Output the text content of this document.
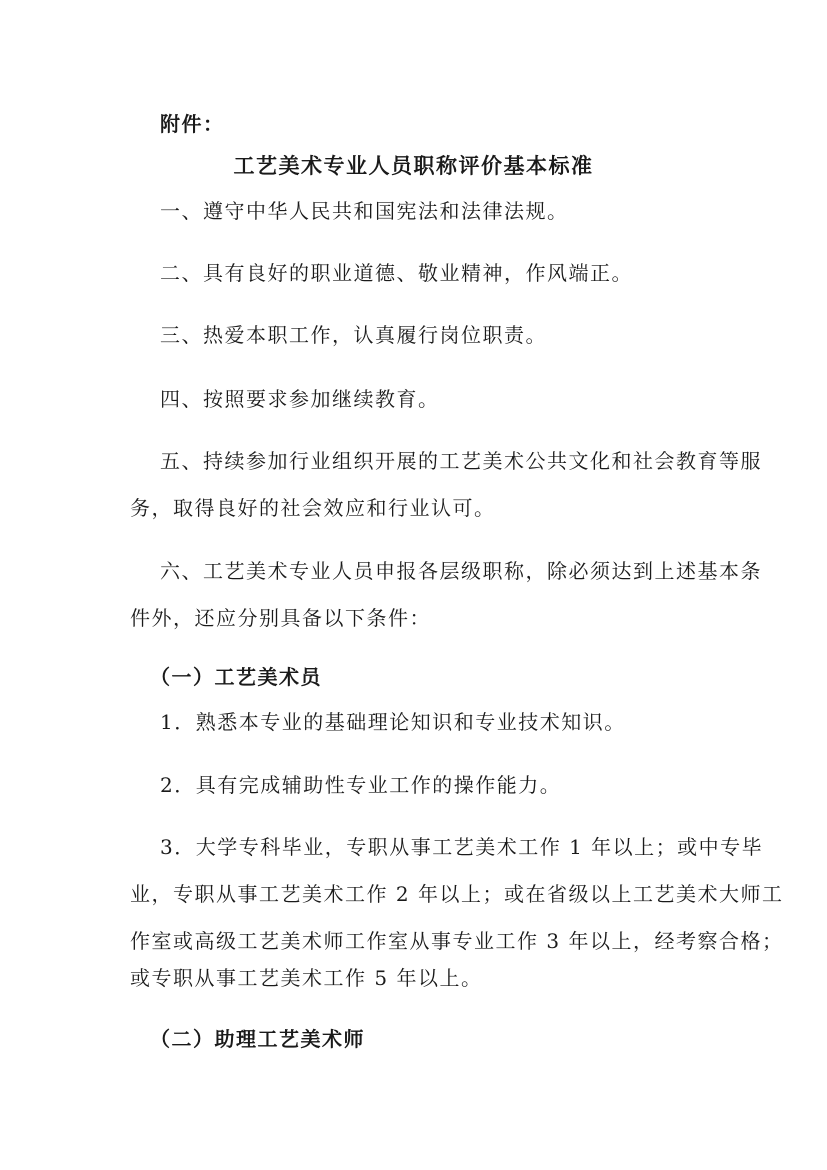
附件：
工艺美术专业人员职称评价基本标准
一、遵守中华人民共和国宪法和法律法规。
二、具有良好的职业道德、敬业精神，作风端正。
三、热爱本职工作，认真履行岗位职责。
四、按照要求参加继续教育。
五、持续参加行业组织开展的工艺美术公共文化和社会教育等服
务，取得良好的社会效应和行业认可。
六、工艺美术专业人员申报各层级职称，除必须达到上述基本条
件外，还应分别具备以下条件：
（一）工艺美术员
1．熟悉本专业的基础理论知识和专业技术知识。
2．具有完成辅助性专业工作的操作能力。
3．大学专科毕业，专职从事工艺美术工作 1 年以上；或中专毕
业，专职从事工艺美术工作 2 年以上；或在省级以上工艺美术大师工
作室或高级工艺美术师工作室从事专业工作 3 年以上，经考察合格；
或专职从事工艺美术工作 5 年以上。
（二）助理工艺美术师
